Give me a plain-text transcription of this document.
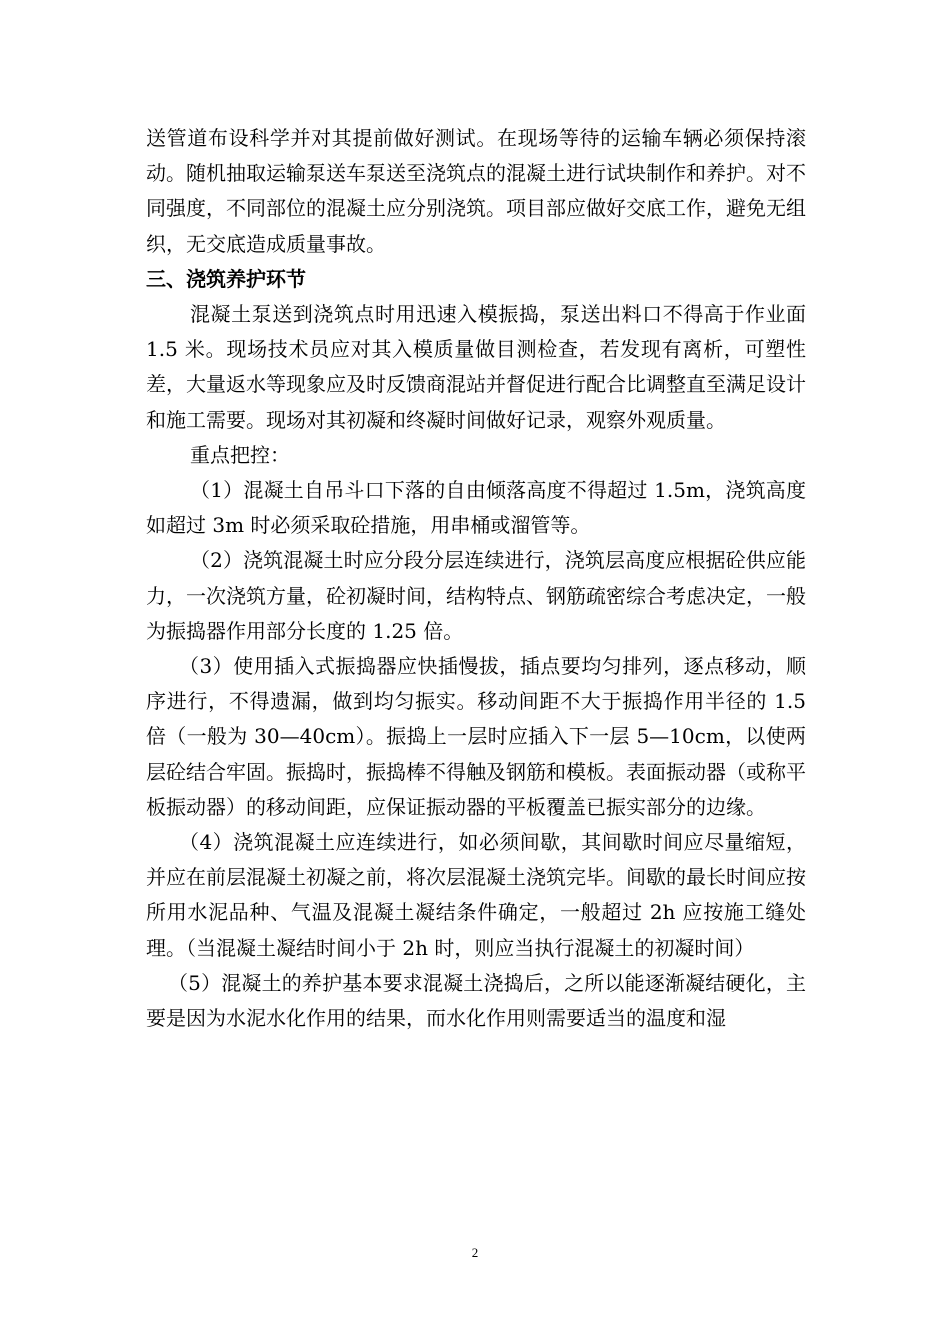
送管道布设科学并对其提前做好测试。在现场等待的运输车辆必须保持滚动。随机抽取运输泵送车泵送至浇筑点的混凝土进行试块制作和养护。对不同强度，不同部位的混凝土应分别浇筑。项目部应做好交底工作，避免无组织，无交底造成质量事故。

三、浇筑养护环节

混凝土泵送到浇筑点时用迅速入模振捣，泵送出料口不得高于作业面 1.5 米。现场技术员应对其入模质量做目测检查，若发现有离析，可塑性差，大量返水等现象应及时反馈商混站并督促进行配合比调整直至满足设计和施工需要。现场对其初凝和终凝时间做好记录，观察外观质量。

重点把控：

（1）混凝土自吊斗口下落的自由倾落高度不得超过 1.5m，浇筑高度如超过 3m 时必须采取砼措施，用串桶或溜管等。

（2）浇筑混凝土时应分段分层连续进行，浇筑层高度应根据砼供应能力，一次浇筑方量，砼初凝时间，结构特点、钢筋疏密综合考虑决定，一般为振捣器作用部分长度的 1.25 倍。

（3）使用插入式振捣器应快插慢拔，插点要均匀排列，逐点移动，顺序进行，不得遗漏，做到均匀振实。移动间距不大于振捣作用半径的 1.5 倍（一般为 30—40cm）。振捣上一层时应插入下一层 5—10cm，以使两层砼结合牢固。振捣时，振捣棒不得触及钢筋和模板。表面振动器（或称平板振动器）的移动间距，应保证振动器的平板覆盖已振实部分的边缘。

（4）浇筑混凝土应连续进行，如必须间歇，其间歇时间应尽量缩短，并应在前层混凝土初凝之前，将次层混凝土浇筑完毕。间歇的最长时间应按所用水泥品种、气温及混凝土凝结条件确定，一般超过 2h 应按施工缝处理。（当混凝土凝结时间小于 2h 时，则应当执行混凝土的初凝时间）

（5）混凝土的养护基本要求混凝土浇捣后，之所以能逐渐凝结硬化，主要是因为水泥水化作用的结果，而水化作用则需要适当的温度和湿

2
